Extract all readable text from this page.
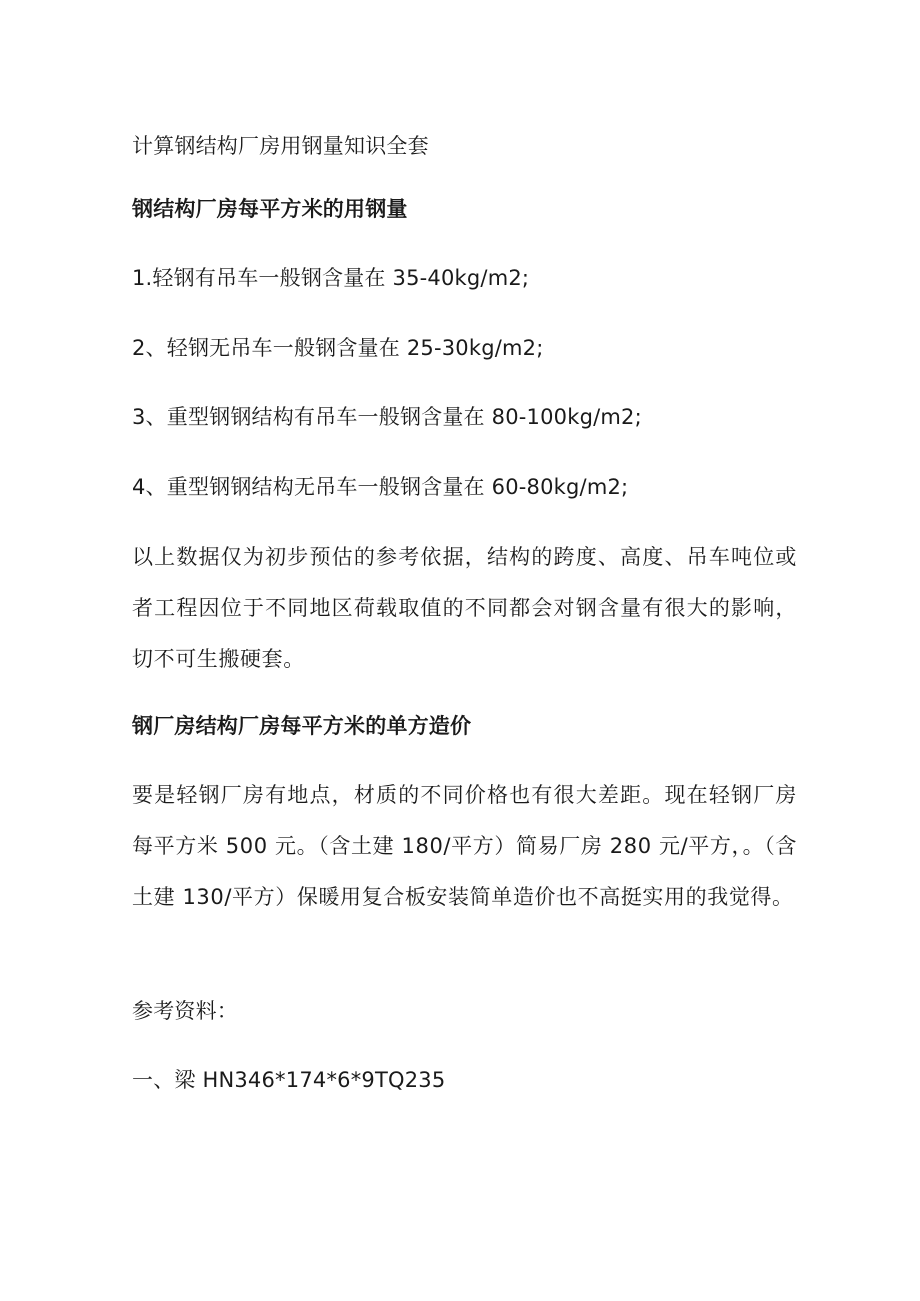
计算钢结构厂房用钢量知识全套
钢结构厂房每平方米的用钢量
1.轻钢有吊车一般钢含量在 35-40kg/m2;
2、轻钢无吊车一般钢含量在 25-30kg/m2;
3、重型钢钢结构有吊车一般钢含量在 80-100kg/m2;
4、重型钢钢结构无吊车一般钢含量在 60-80kg/m2;
以上数据仅为初步预估的参考依据，结构的跨度、高度、吊车吨位或者工程因位于不同地区荷载取值的不同都会对钢含量有很大的影响，切不可生搬硬套。
钢厂房结构厂房每平方米的单方造价
要是轻钢厂房有地点，材质的不同价格也有很大差距。现在轻钢厂房每平方米 500 元。（含土建 180/平方）简易厂房 280 元/平方，。（含土建 130/平方）保暖用复合板安装简单造价也不高挺实用的我觉得。
参考资料：
一、梁 HN346*174*6*9TQ235
